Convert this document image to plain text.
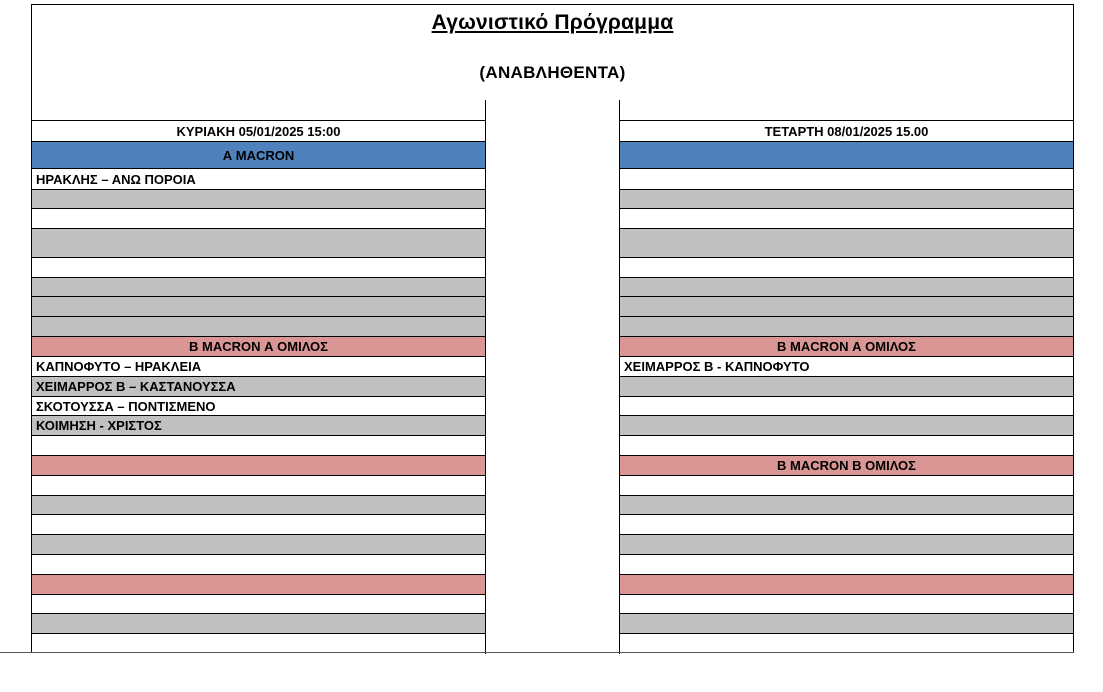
Αγωνιστικό Πρόγραμμα
(ΑΝΑΒΛΗΘΕΝΤΑ)
ΚΥΡΙΑΚΗ 05/01/2025 15:00
Α MACRON
ΗΡΑΚΛΗΣ – ΑΝΩ ΠΟΡΟΙΑ
Β MACRON Α ΟΜΙΛΟΣ
ΚΑΠΝΟΦΥΤΟ – ΗΡΑΚΛΕΙΑ
ΧΕΙΜΑΡΡΟΣ Β – ΚΑΣΤΑΝΟΥΣΣΑ
ΣΚΟΤΟΥΣΣΑ – ΠΟΝΤΙΣΜΕΝΟ
ΚΟΙΜΗΣΗ - ΧΡΙΣΤΟΣ
ΤΕΤΑΡΤΗ 08/01/2025 15.00
Β MACRON Α ΟΜΙΛΟΣ
ΧΕΙΜΑΡΡΟΣ Β - ΚΑΠΝΟΦΥΤΟ
Β MACRON Β ΟΜΙΛΟΣ
